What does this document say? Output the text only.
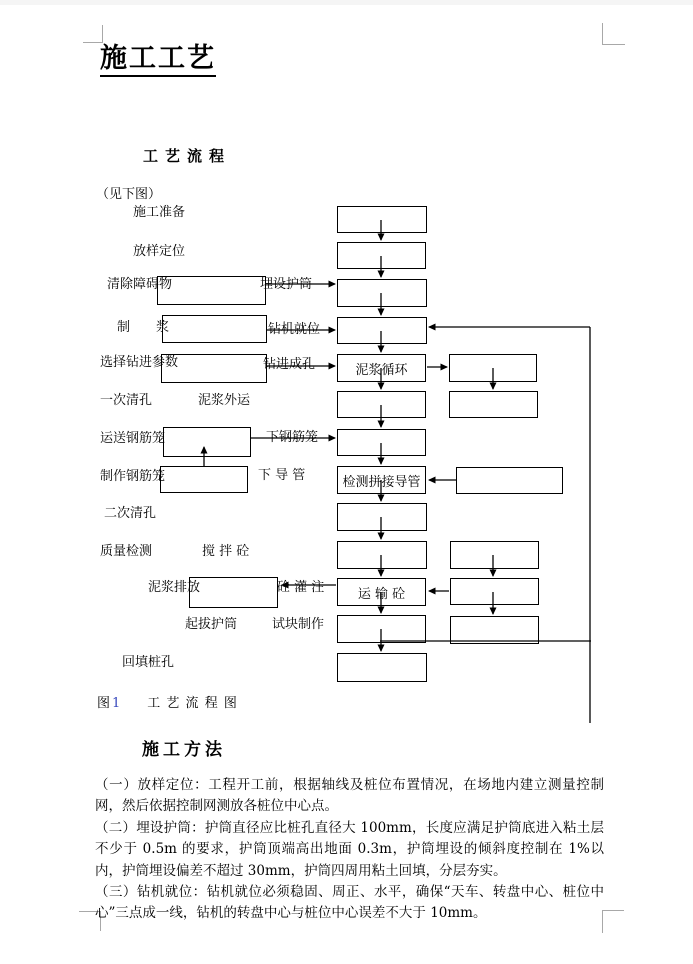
施工工艺
工艺流程
（见下图）
泥浆循环
检测拼接导管
运 输 砼
施工准备
放样定位
清除障碍物	埋设护筒
制　　浆	钻机就位
选择钻进参数	钻进成孔
一次清孔	泥浆外运
运送钢筋笼	下钢筋笼
制作钢筋笼	下 导 管
二次清孔
质量检测	搅 拌 砼
泥浆排放	砼 灌 注
起拔护筒	试块制作
回填桩孔
图 1 工 艺 流 程 图
施工方法

（一）放样定位：工程开工前，根据轴线及桩位布置情况，在场地内建立测量控制网，然后依据控制网测放各桩位中心点。

（二）埋设护筒：护筒直径应比桩孔直径大 100mm，长度应满足护筒底进入粘土层不少于 0.5m 的要求，护筒顶端高出地面 0.3m，护筒埋设的倾斜度控制在 1%以内，护筒埋设偏差不超过 30mm，护筒四周用粘土回填，分层夯实。

（三）钻机就位：钻机就位必须稳固、周正、水平，确保“天车、转盘中心、桩位中心”三点成一线，钻机的转盘中心与桩位中心误差不大于 10mm。
